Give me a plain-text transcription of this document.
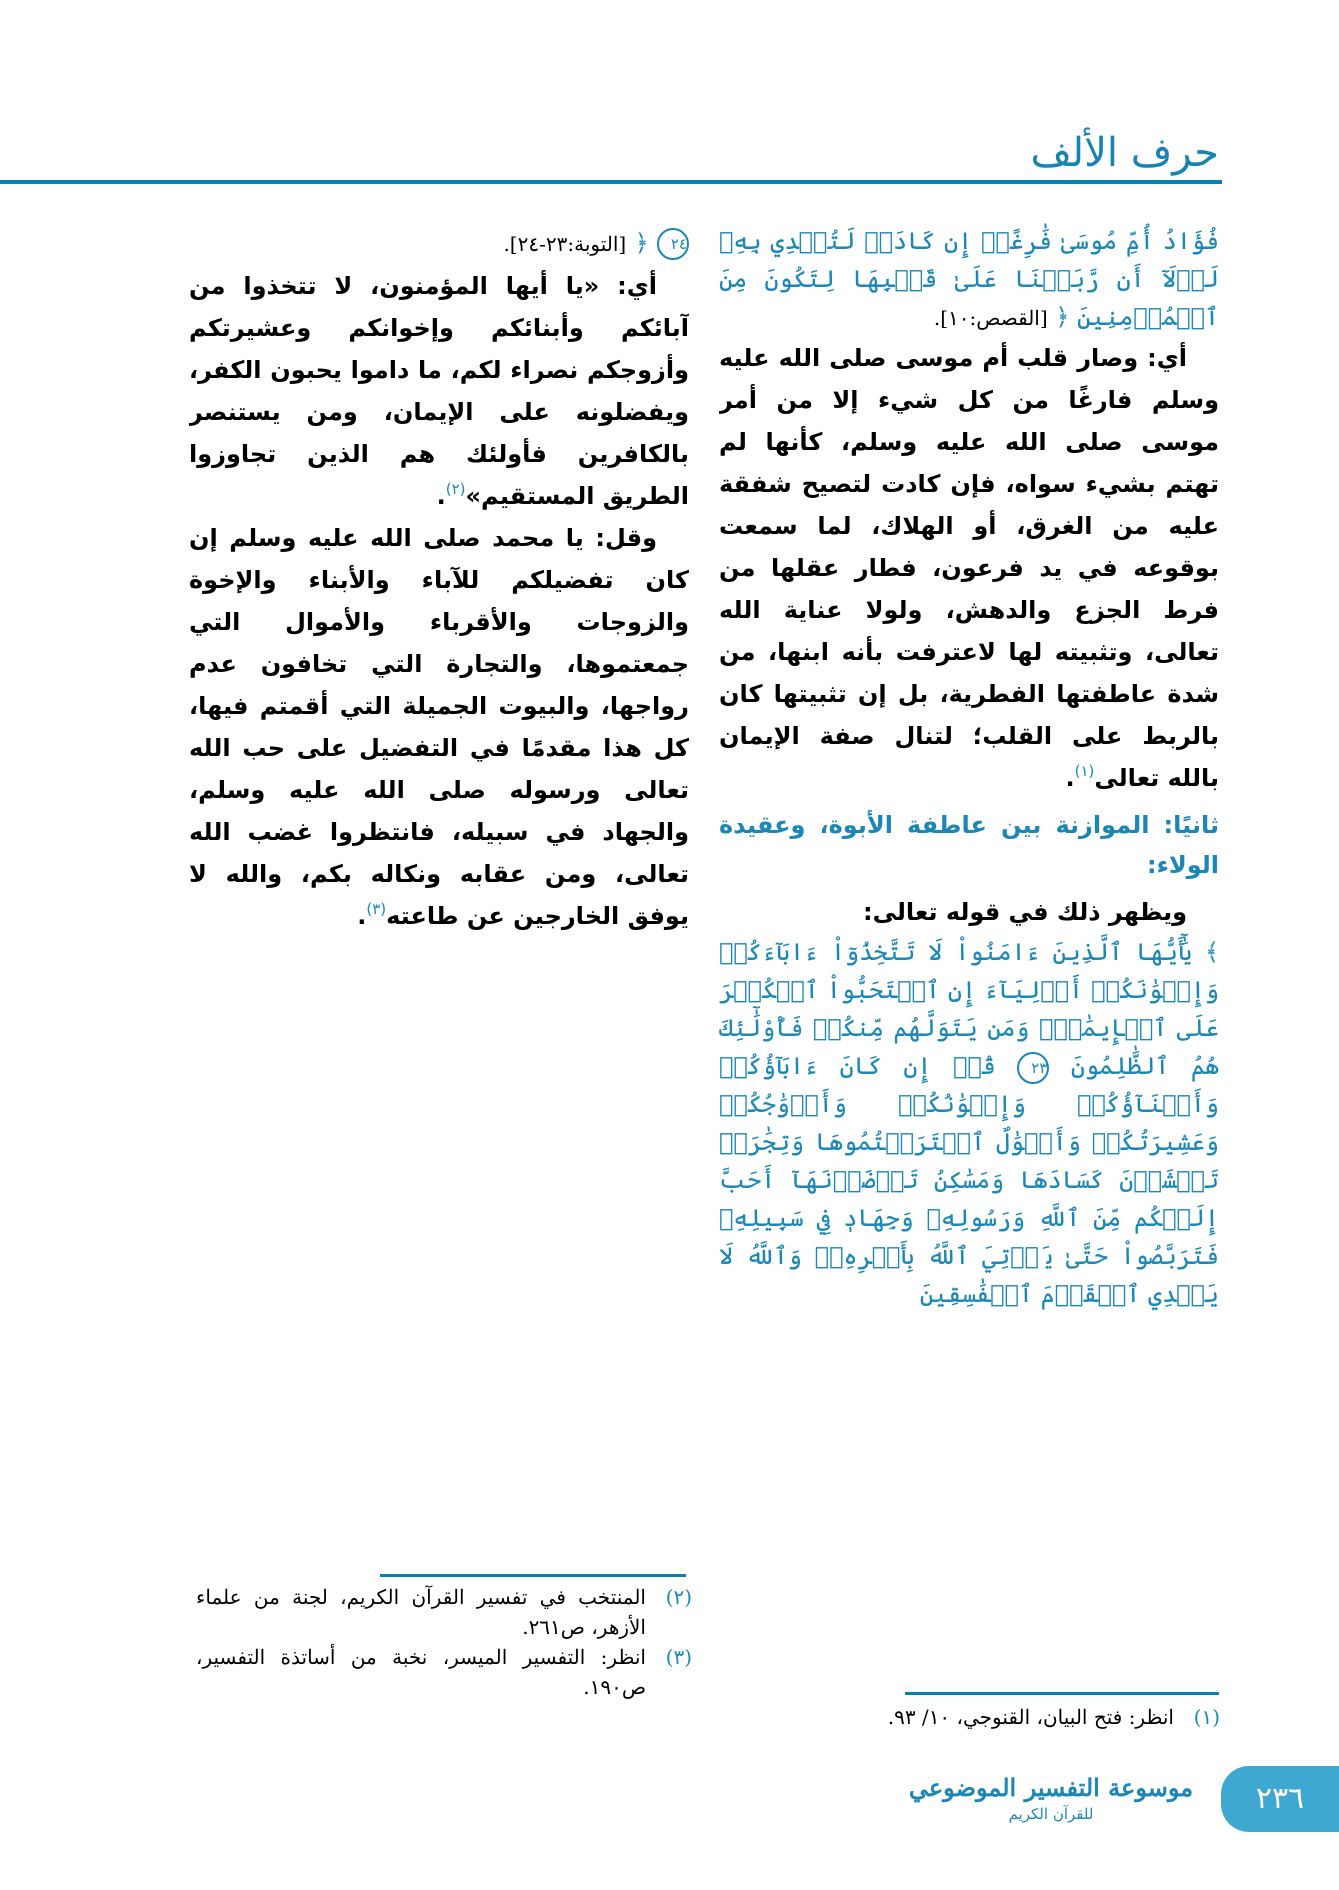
حرف الألف
فُؤَادُ أُمِّ مُوسَىٰ فَٰرِغًاۖ إِن كَادَتۡ لَتُبۡدِي بِهِۦ لَوۡلَآ أَن رَّبَطۡنَا عَلَىٰ قَلۡبِهَا لِتَكُونَ مِنَ ٱلۡمُؤۡمِنِينَ ﴿ [القصص:١٠].

أي: وصار قلب أم موسى صلى الله عليه وسلم فارغًا من كل شيء إلا من أمر موسى صلى الله عليه وسلم، كأنها لم تهتم بشيء سواه، فإن كادت لتصيح شفقة عليه من الغرق، أو الهلاك، لما سمعت بوقوعه في يد فرعون، فطار عقلها من فرط الجزع والدهش، ولولا عناية الله تعالى، وتثبيته لها لاعترفت بأنه ابنها، من شدة عاطفتها الفطرية، بل إن تثبيتها كان بالربط على القلب؛ لتنال صفة الإيمان بالله تعالى$^{(١)}$.

ثانيًا: الموازنة بين عاطفة الأبوة، وعقيدة الولاء:

ويظهر ذلك في قوله تعالى:

﴾ يَٰٓأَيُّهَا ٱلَّذِينَ ءَامَنُواْ لَا تَتَّخِذُوٓاْ ءَابَآءَكُمۡ وَإِخۡوَٰنَكُمۡ أَوۡلِيَآءَ إِنِ ٱسۡتَحَبُّواْ ٱلۡكُفۡرَ عَلَى ٱلۡإِيمَٰنِۚ وَمَن يَتَوَلَّهُم مِّنكُمۡ فَأُوْلَٰٓئِكَ هُمُ ٱلظَّٰلِمُونَ ٢٣ قُلۡ إِن كَانَ ءَابَآؤُكُمۡ وَأَبۡنَآؤُكُمۡ وَإِخۡوَٰنُكُمۡ وَأَزۡوَٰجُكُمۡ وَعَشِيرَتُكُمۡ وَأَمۡوَٰلٌ ٱقۡتَرَفۡتُمُوهَا وَتِجَٰرَةٞ تَخۡشَوۡنَ كَسَادَهَا وَمَسَٰكِنُ تَرۡضَوۡنَهَآ أَحَبَّ إِلَيۡكُم مِّنَ ٱللَّهِ وَرَسُولِهِۦ وَجِهَادٖ فِي سَبِيلِهِۦ فَتَرَبَّصُواْ حَتَّىٰ يَأۡتِيَ ٱللَّهُ بِأَمۡرِهِۦۗ وَٱللَّهُ لَا يَهۡدِي ٱلۡقَوۡمَ ٱلۡفَٰسِقِينَ
٢٤ ﴿ [التوبة:٢٣-٢٤].

أي: «يا أيها المؤمنون، لا تتخذوا من آبائكم وأبنائكم وإخوانكم وعشيرتكم وأزوجكم نصراء لكم، ما داموا يحبون الكفر، ويفضلونه على الإيمان، ومن يستنصر بالكافرين فأولئك هم الذين تجاوزوا الطريق المستقيم»$^{(٢)}$.

وقل: يا محمد صلى الله عليه وسلم إن كان تفضيلكم للآباء والأبناء والإخوة والزوجات والأقرباء والأموال التي جمعتموها، والتجارة التي تخافون عدم رواجها، والبيوت الجميلة التي أقمتم فيها، كل هذا مقدمًا في التفضيل على حب الله تعالى ورسوله صلى الله عليه وسلم، والجهاد في سبيله، فانتظروا غضب الله تعالى، ومن عقابه ونكاله بكم، والله لا يوفق الخارجين عن طاعته$^{(٣)}$.

(٢)
المنتخب في تفسير القرآن الكريم، لجنة من علماء الأزهر، ص٢٦١.
(٣)
انظر: التفسير الميسر، نخبة من أساتذة التفسير، ص١٩٠.
(١)
انظر: فتح البيان، القنوجي، ١٠/ ٩٣.
موسوعة التفسير الموضوعي
للقرآن الكريم	٢٣٦
